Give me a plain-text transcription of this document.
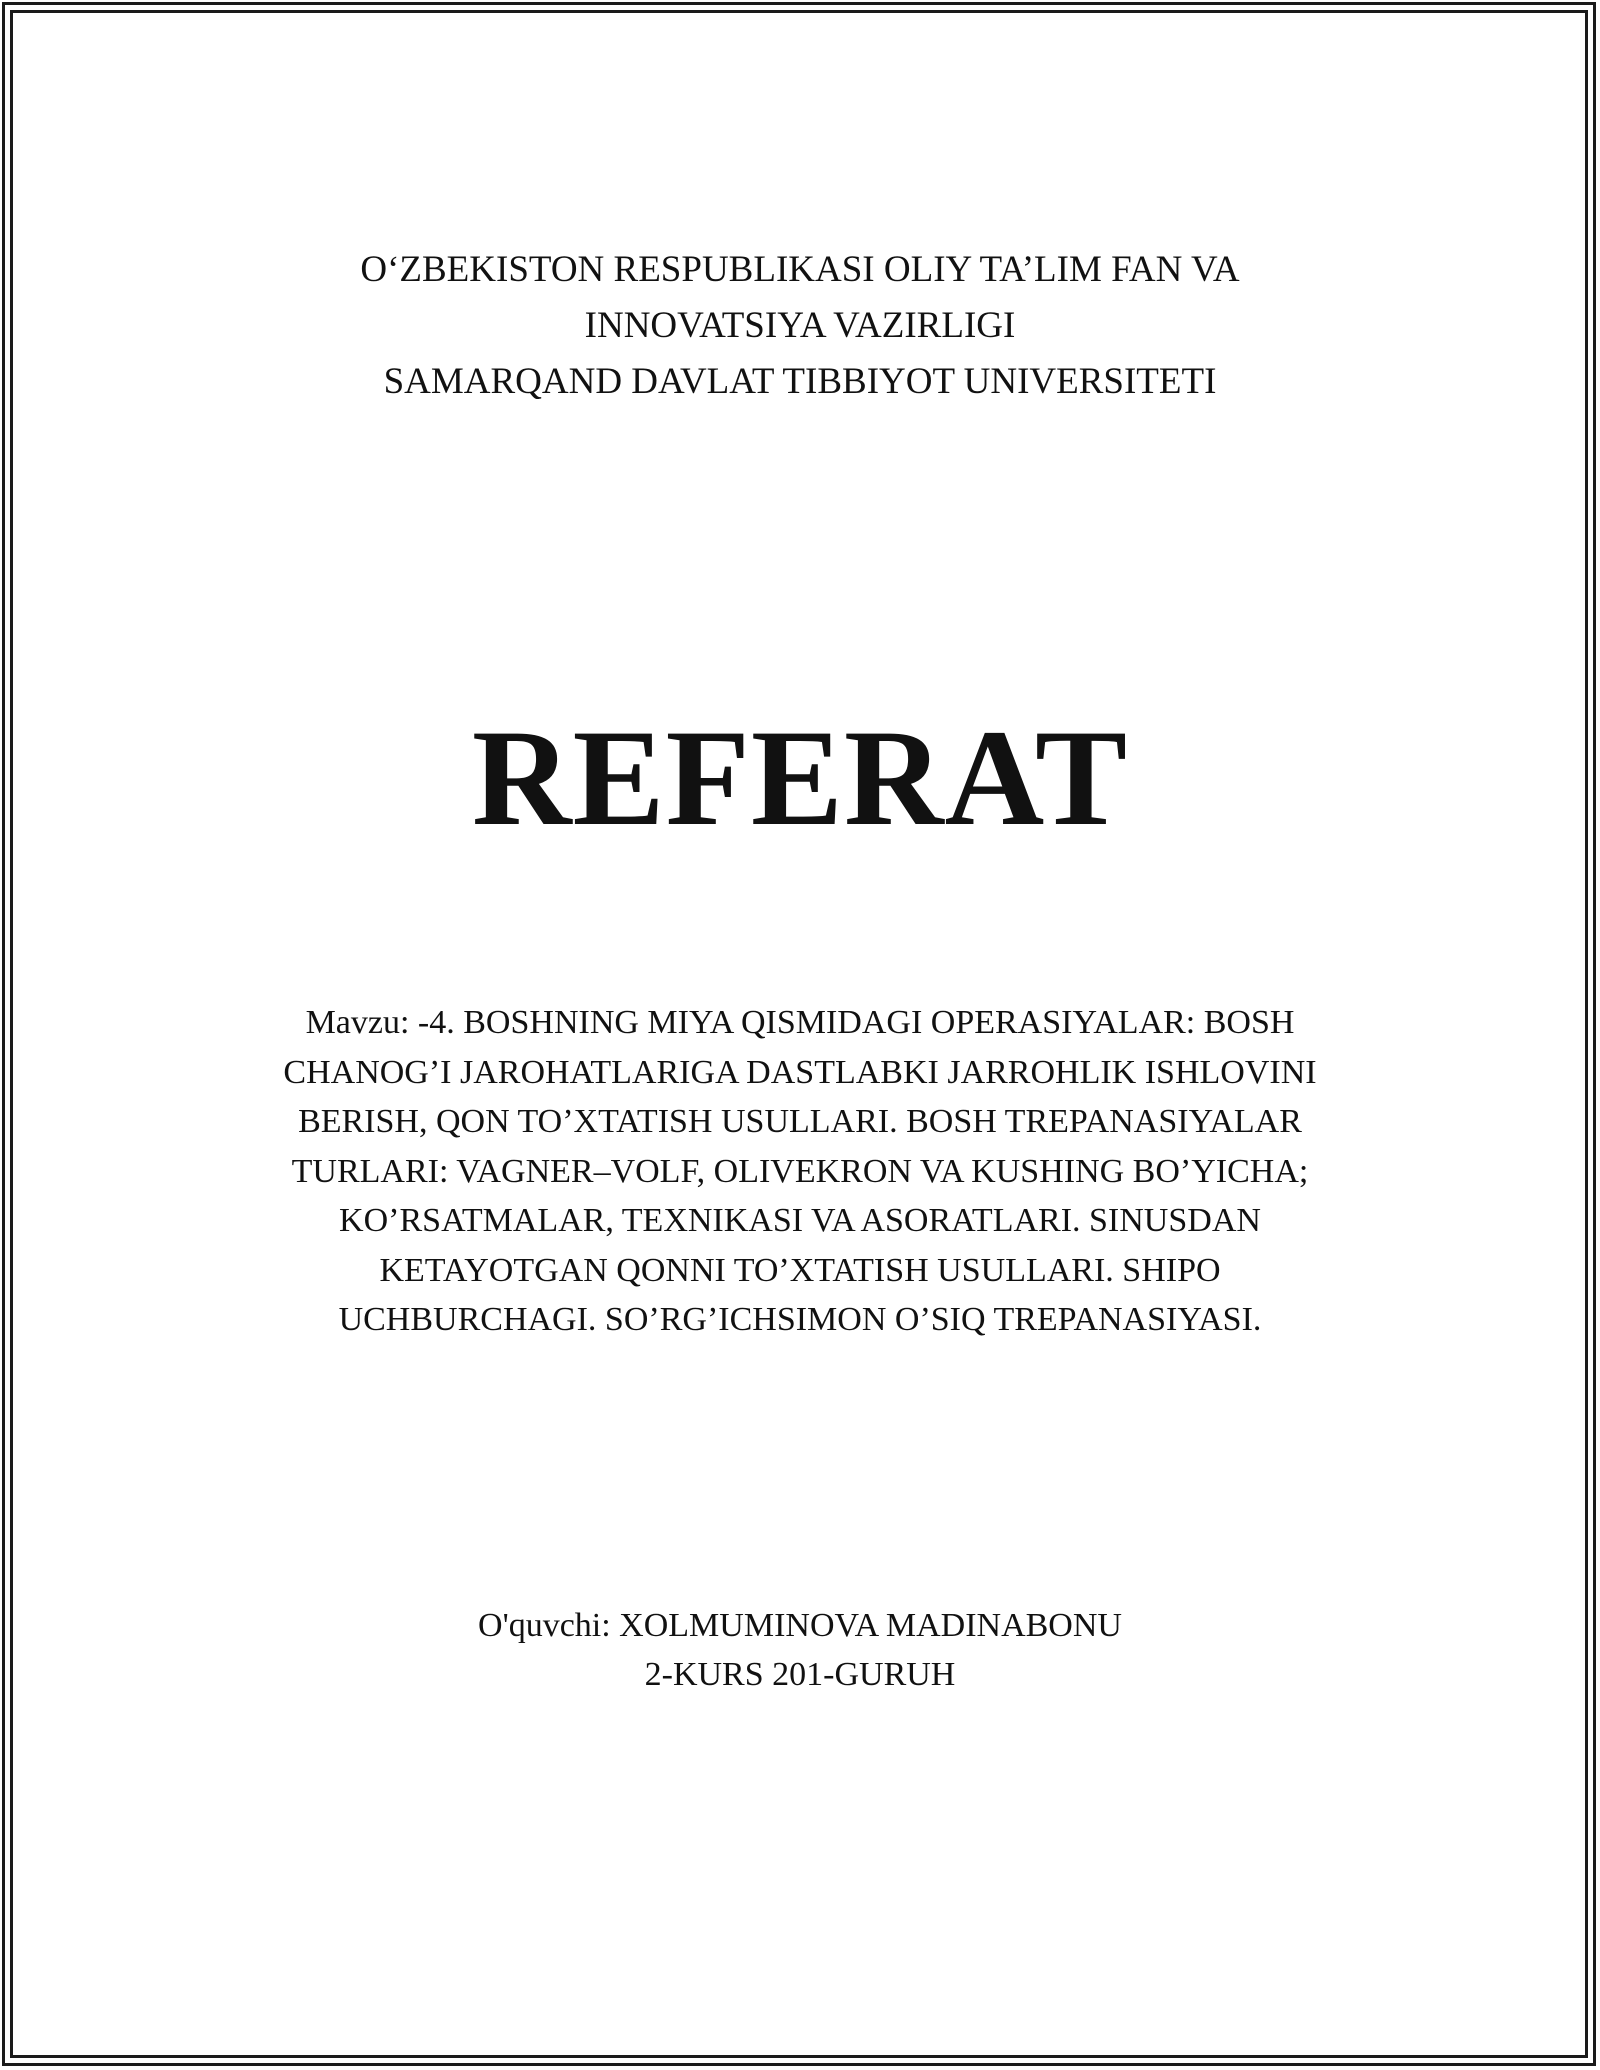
O‘ZBEKISTON RESPUBLIKASI OLIY TA’LIM FAN VA
INNOVATSIYA VAZIRLIGI
SAMARQAND DAVLAT TIBBIYOT UNIVERSITETI
REFERAT
Mavzu: -4. BOSHNING MIYA QISMIDAGI OPERASIYALAR: BOSH
CHANOG’I JAROHATLARIGA DASTLABKI JARROHLIK ISHLOVINI
BERISH, QON TO’XTATISH USULLARI. BOSH TREPANASIYALAR
TURLARI: VAGNER–VOLF, OLIVEKRON VA KUSHING BO’YICHA;
KO’RSATMALAR, TEXNIKASI VA ASORATLARI. SINUSDAN
KETAYOTGAN QONNI TO’XTATISH USULLARI. SHIPO
UCHBURCHAGI. SO’RG’ICHSIMON O’SIQ TREPANASIYASI.
O'quvchi: XOLMUMINOVA MADINABONU
2-KURS 201-GURUH
